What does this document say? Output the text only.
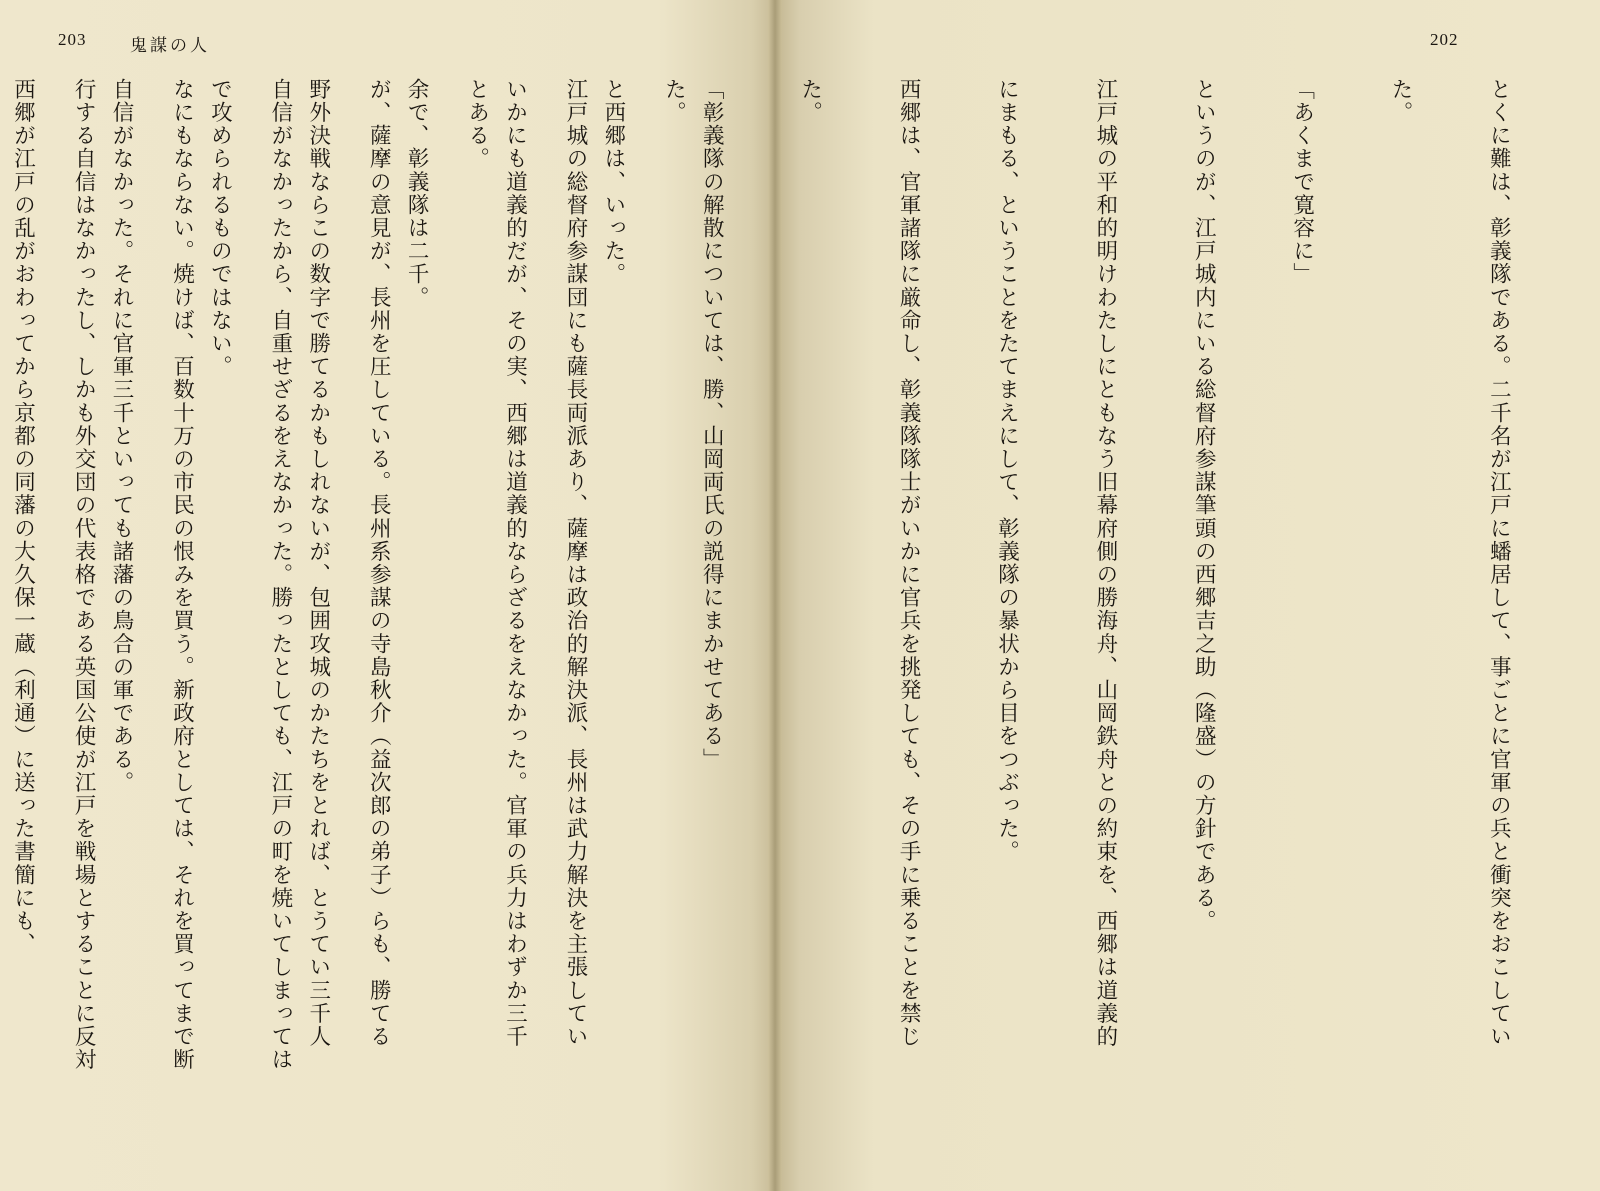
203	鬼謀の人

た。

江戸城の総督府参謀団にも薩長両派あり、薩摩は政治的解決派、長州は武力解決を主張してい

とある。

が、薩摩の意見が、長州を圧している。長州系参謀の寺島秋介（益次郎の弟子）らも、勝てる

自信がなかったから、自重せざるをえなかった。勝ったとしても、江戸の町を焼いてしまっては

なにもならない。焼けば、百数十万の市民の恨みを買う。新政府としては、それを買ってまで断

行する自信はなかったし、しかも外交団の代表格である英国公使が江戸を戦場とすることに反対

202

とくに難は、彰義隊である。二千名が江戸に蟠居して、事ごとに官軍の兵と衝突をおこしてい

た。

「あくまで寛容に」

というのが、江戸城内にいる総督府参謀筆頭の西郷吉之助（隆盛）の方針である。

江戸城の平和的明けわたしにともなう旧幕府側の勝海舟、山岡鉄舟との約束を、西郷は道義的

にまもる、ということをたてまえにして、彰義隊の暴状から目をつぶった。

西郷は、官軍諸隊に厳命し、彰義隊隊士がいかに官兵を挑発しても、その手に乗ることを禁じ

た。

「彰義隊の解散については、勝、山岡両氏の説得にまかせてある」

と西郷は、いった。

いかにも道義的だが、その実、西郷は道義的ならざるをえなかった。官軍の兵力はわずか三千

余で、彰義隊は二千。

野外決戦ならこの数字で勝てるかもしれないが、包囲攻城のかたちをとれば、とうてい三千人

で攻められるものではない。

自信がなかった。それに官軍三千といっても諸藩の鳥合の軍である。

西郷が江戸の乱がおわってから京都の同藩の大久保一蔵（利通）に送った書簡にも、
